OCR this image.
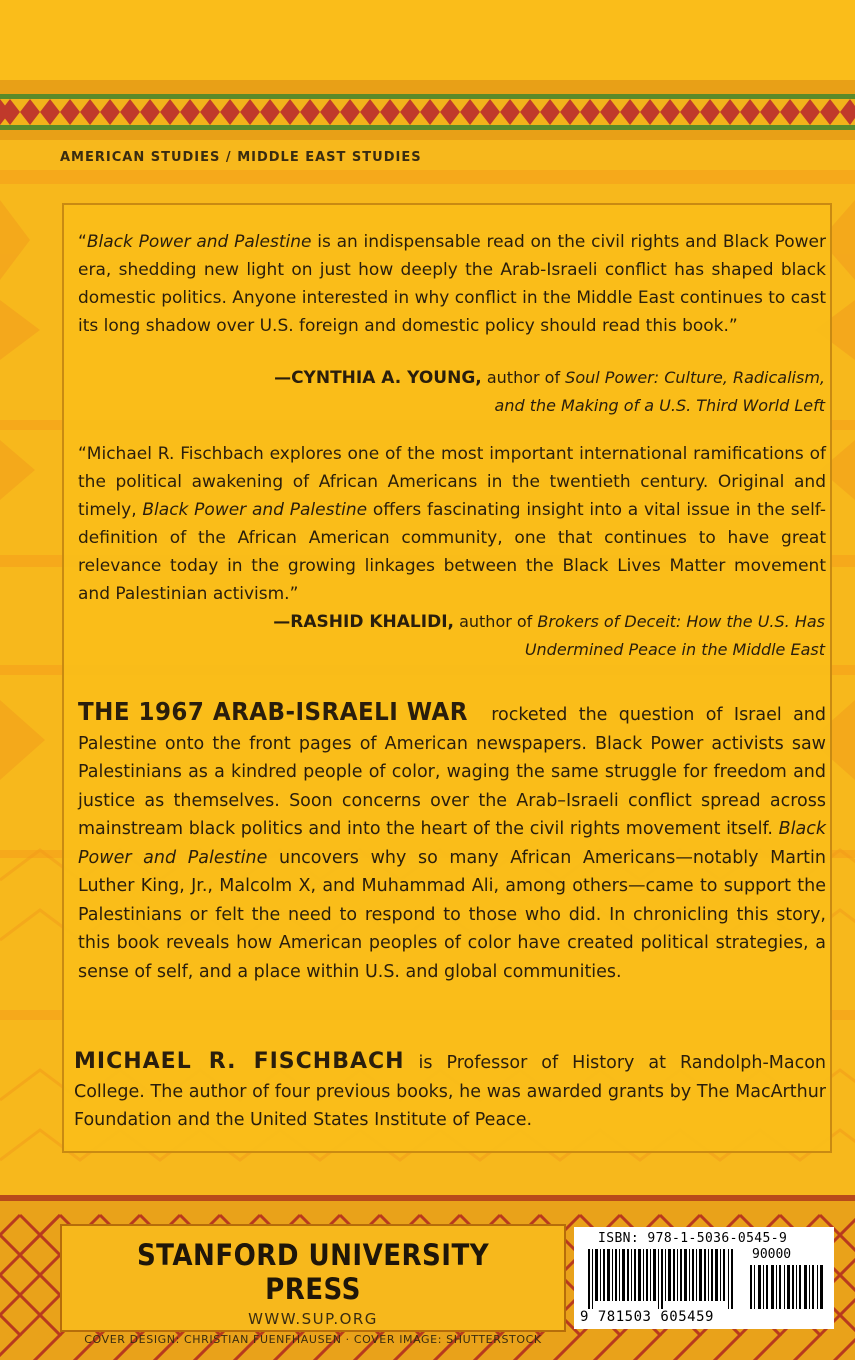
AMERICAN STUDIES / MIDDLE EAST STUDIES
“Black Power and Palestine is an indispensable read on the civil rights and Black Power era, shedding new light on just how deeply the Arab-Israeli conflict has shaped black domestic politics. Anyone interested in why conflict in the Middle East continues to cast its long shadow over U.S. foreign and domestic policy should read this book.”
—CYNTHIA A. YOUNG, author of Soul Power: Culture, Radicalism,
and the Making of a U.S. Third World Left
“Michael R. Fischbach explores one of the most important international ramifications of the political awakening of African Americans in the twentieth century. Original and timely, Black Power and Palestine offers fascinating insight into a vital issue in the self-definition of the African American community, one that continues to have great relevance today in the growing linkages between the Black Lives Matter movement and Palestinian activism.”
—RASHID KHALIDI, author of Brokers of Deceit: How the U.S. Has
Undermined Peace in the Middle East
THE 1967 ARAB-ISRAELI WAR rocketed the question of Israel and Palestine onto the front pages of American newspapers. Black Power activists saw Palestinians as a kindred people of color, waging the same struggle for freedom and justice as themselves. Soon concerns over the Arab–Israeli conflict spread across mainstream black politics and into the heart of the civil rights movement itself. Black Power and Palestine uncovers why so many African Americans—notably Martin Luther King, Jr., Malcolm X, and Muhammad Ali, among others—came to support the Palestinians or felt the need to respond to those who did. In chronicling this story, this book reveals how American peoples of color have created political strategies, a sense of self, and a place within U.S. and global communities.
MICHAEL R. FISCHBACH is Professor of History at Randolph-Macon College. The author of four previous books, he was awarded grants by The MacArthur Foundation and the United States Institute of Peace.
STANFORD UNIVERSITY PRESS
WWW.SUP.ORG
COVER DESIGN: CHRISTIAN FUENFHAUSEN · COVER IMAGE: SHUTTERSTOCK
ISBN: 978-1-5036-0545-9
90000
9 781503 605459
